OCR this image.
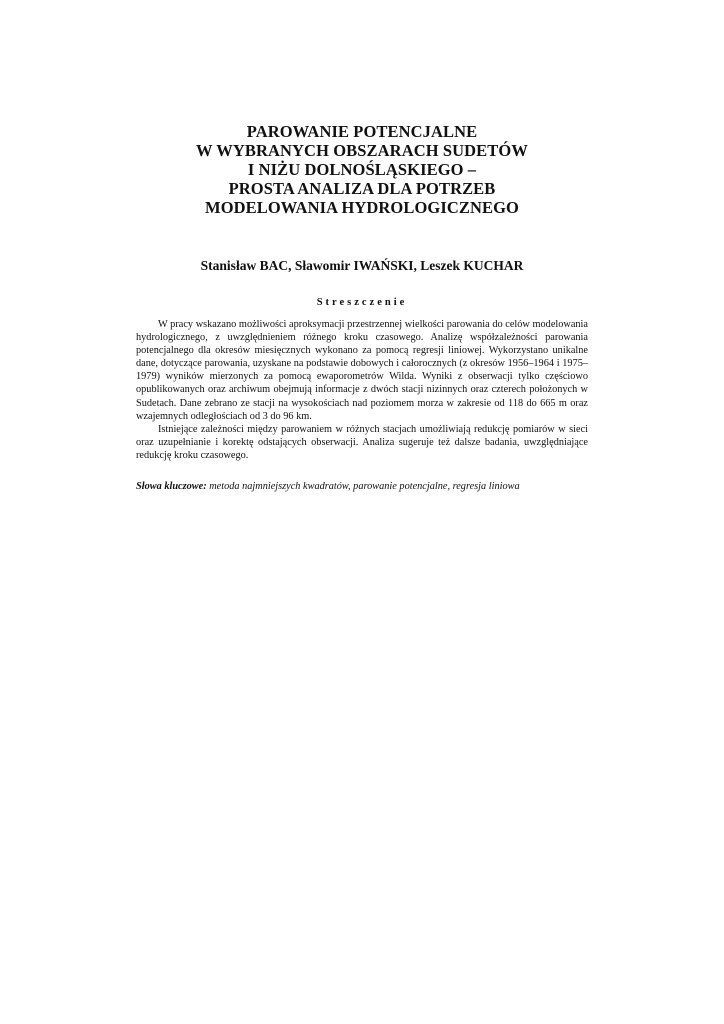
PAROWANIE POTENCJALNE
W WYBRANYCH OBSZARACH SUDETÓW
I NIŻU DOLNOŚLĄSKIEGO –
PROSTA ANALIZA DLA POTRZEB
MODELOWANIA HYDROLOGICZNEGO
Stanisław BAC, Sławomir IWAŃSKI, Leszek KUCHAR
Streszczenie

W pracy wskazano możliwości aproksymacji przestrzennej wielkości parowania do celów modelowania hydrologicznego, z uwzględnieniem różnego kroku czasowego. Analizę współzależności parowania potencjalnego dla okresów miesięcznych wykonano za pomocą regresji liniowej. Wykorzystano unikalne dane, dotyczące parowania, uzyskane na podstawie dobowych i całorocznych (z okresów 1956–1964 i 1975–1979) wyników mierzonych za pomocą ewaporometrów Wilda. Wyniki z obserwacji tylko częściowo opublikowanych oraz archiwum obejmują informacje z dwóch stacji nizinnych oraz czterech położonych w Sudetach. Dane zebrano ze stacji na wysokościach nad poziomem morza w zakresie od 118 do 665 m oraz wzajemnych odległościach od 3 do 96 km.

Istniejące zależności między parowaniem w różnych stacjach umożliwiają redukcję pomiarów w sieci oraz uzupełnianie i korektę odstających obserwacji. Analiza sugeruje też dalsze badania, uwzględniające redukcję kroku czasowego.

Słowa kluczowe: metoda najmniejszych kwadratów, parowanie potencjalne, regresja liniowa
